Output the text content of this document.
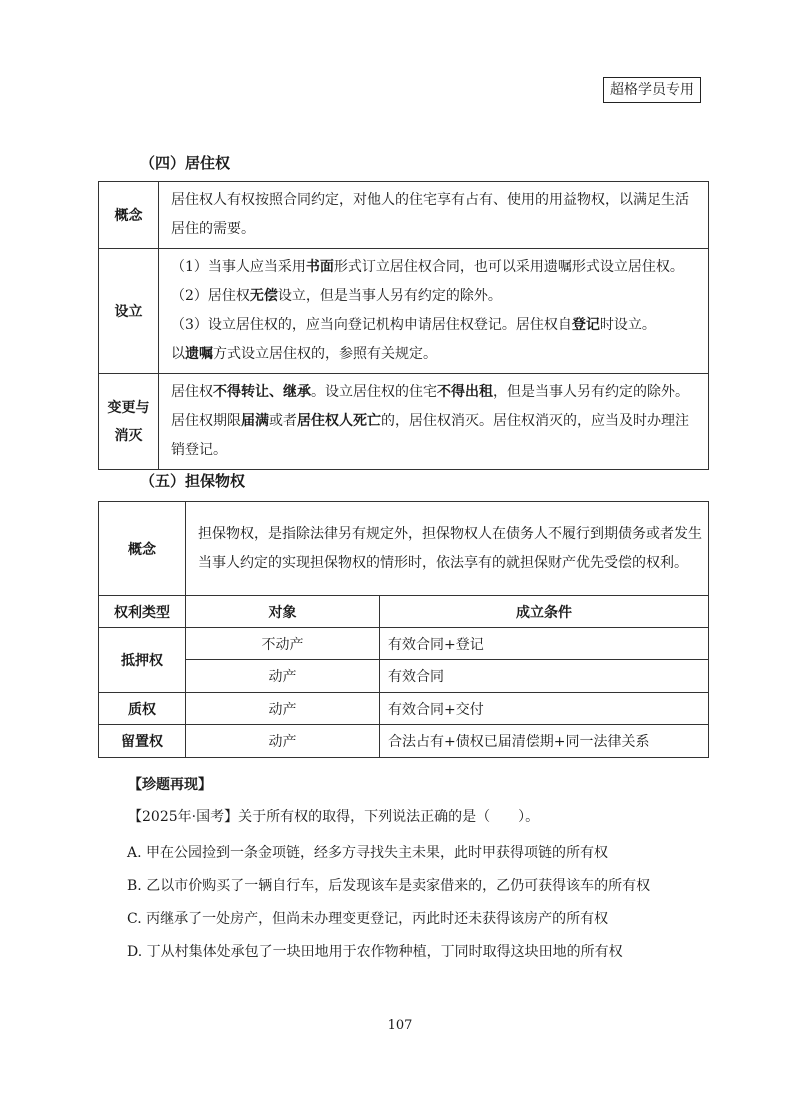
超格学员专用
（四）居住权
概念	居住权人有权按照合同约定，对他人的住宅享有占有、使用的用益物权，以满足生活居住的需要。

设立	（1）当事人应当采用书面形式订立居住权合同，也可以采用遗嘱形式设立居住权。
（2）居住权无偿设立，但是当事人另有约定的除外。
（3）设立居住权的，应当向登记机构申请居住权登记。居住权自登记时设立。
以遗嘱方式设立居住权的，参照有关规定。

变更与消灭	居住权不得转让、继承。设立居住权的住宅不得出租，但是当事人另有约定的除外。居住权期限届满或者居住权人死亡的，居住权消灭。居住权消灭的，应当及时办理注销登记。
（五）担保物权
概念	担保物权，是指除法律另有规定外，担保物权人在债务人不履行到期债务或者发生当事人约定的实现担保物权的情形时，依法享有的就担保财产优先受偿的权利。	
权利类型	对象	成立条件
抵押权	不动产	有效合同+登记
	动产	有效合同
质权	动产	有效合同+交付
留置权	动产	合法占有+债权已届清偿期+同一法律关系
【珍题再现】
【2025年·国考】关于所有权的取得，下列说法正确的是（　　）。
A. 甲在公园捡到一条金项链，经多方寻找失主未果，此时甲获得项链的所有权
B. 乙以市价购买了一辆自行车，后发现该车是卖家借来的，乙仍可获得该车的所有权
C. 丙继承了一处房产，但尚未办理变更登记，丙此时还未获得该房产的所有权
D. 丁从村集体处承包了一块田地用于农作物种植，丁同时取得这块田地的所有权
107
